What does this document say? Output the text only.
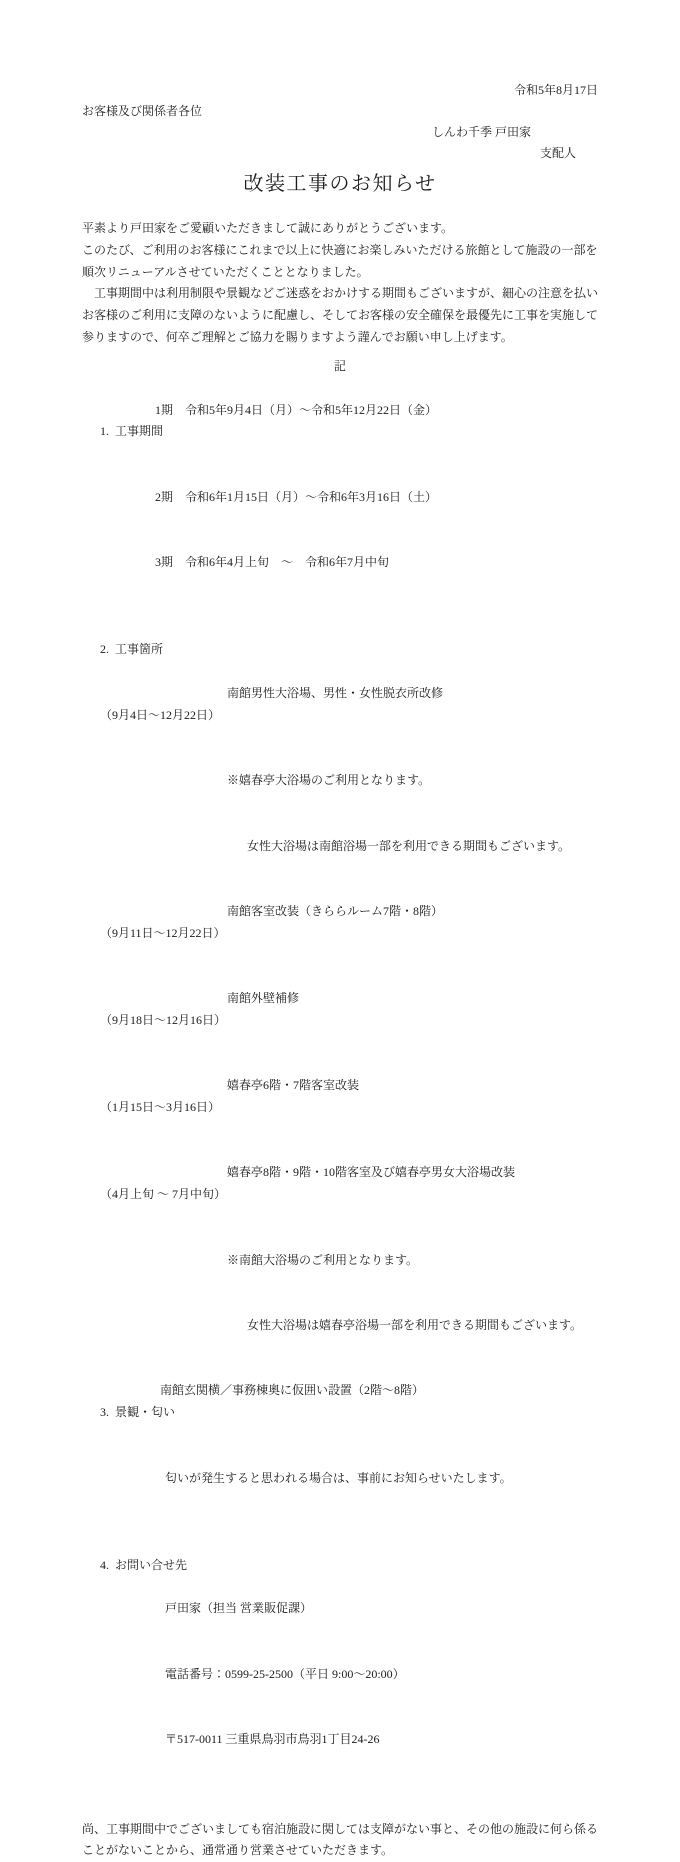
令和5年8月17日
お客様及び関係者各位
しんわ千季 戸田家
支配人
改装工事のお知らせ
平素より戸田家をご愛顧いただきまして誠にありがとうございます。
このたび、ご利用のお客様にこれまで以上に快適にお楽しみいただける旅館として施設の一部を
順次リニューアルさせていただくこととなりました。
　工事期間中は利用制限や景観などご迷惑をおかけする期間もございますが、細心の注意を払い
お客様のご利用に支障のないように配慮し、そしてお客様の安全確保を最優先に工事を実施して
参りますので、何卒ご理解とご協力を賜りますよう謹んでお願い申し上げます。
記

1. 工事期間

1期　令和5年9月4日（月）～令和5年12月22日（金）

2期　令和6年1月15日（月）～令和6年3月16日（土）

3期　令和6年4月上旬　～　令和6年7月中旬

2. 工事箇所

（9月4日～12月22日）

南館男性大浴場、男性・女性脱衣所改修

※嬉春亭大浴場のご利用となります。

女性大浴場は南館浴場一部を利用できる期間もございます。

（9月11日～12月22日）

南館客室改装（きららルーム7階・8階）

（9月18日～12月16日）

南館外壁補修

（1月15日～3月16日）

嬉春亭6階・7階客室改装

（4月上旬 ～ 7月中旬）

嬉春亭8階・9階・10階客室及び嬉春亭男女大浴場改装

※南館大浴場のご利用となります。

女性大浴場は嬉春亭浴場一部を利用できる期間もございます。

3. 景観・匂い

南館玄関横／事務棟奥に仮囲い設置（2階～8階）

匂いが発生すると思われる場合は、事前にお知らせいたします。

4. お問い合せ先

戸田家（担当 営業販促課）

電話番号：0599-25-2500（平日 9:00～20:00）

〒517-0011 三重県鳥羽市鳥羽1丁目24-26

尚、工事期間中でございましても宿泊施設に関しては支障がない事と、その他の施設に何ら係る
ことがないことから、通常通り営業させていただきます。
